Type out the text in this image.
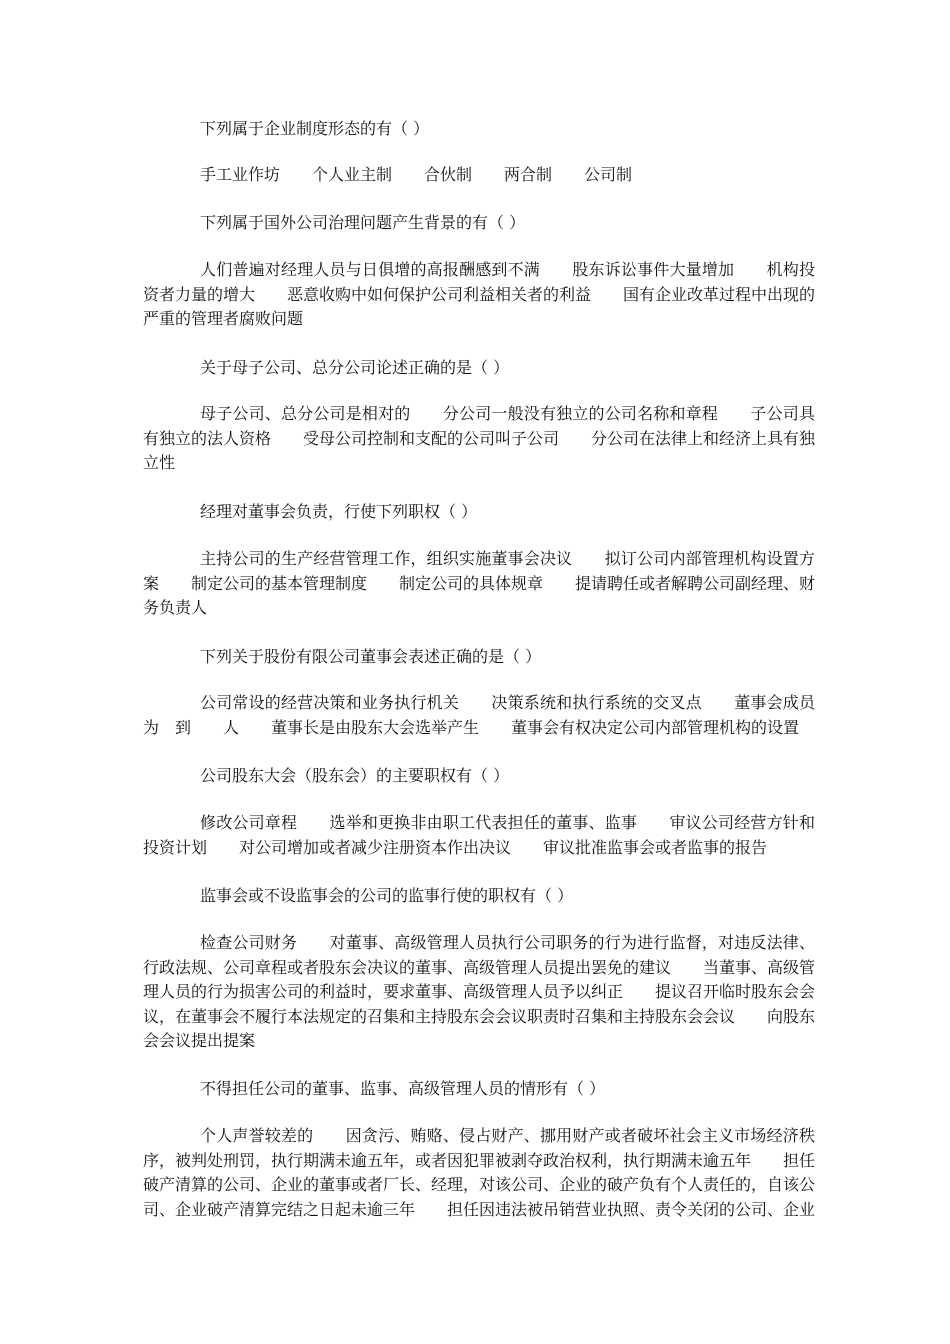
下列属于企业制度形态的有（ ）
手工业作坊　　个人业主制　　合伙制　　两合制　　公司制
下列属于国外公司治理问题产生背景的有（ ）
人们普遍对经理人员与日俱增的高报酬感到不满　　股东诉讼事件大量增加　　机构投资者力量的增大　　恶意收购中如何保护公司利益相关者的利益　　国有企业改革过程中出现的严重的管理者腐败问题
关于母子公司、总分公司论述正确的是（ ）
母子公司、总分公司是相对的　　分公司一般没有独立的公司名称和章程　　子公司具有独立的法人资格　　受母公司控制和支配的公司叫子公司　　分公司在法律上和经济上具有独立性
经理对董事会负责，行使下列职权（ ）
主持公司的生产经营管理工作，组织实施董事会决议　　拟订公司内部管理机构设置方案　　制定公司的基本管理制度　　制定公司的具体规章　　提请聘任或者解聘公司副经理、财务负责人
下列关于股份有限公司董事会表述正确的是（ ）
公司常设的经营决策和业务执行机关　　决策系统和执行系统的交叉点　　董事会成员为　到　　人　　董事长是由股东大会选举产生　　董事会有权决定公司内部管理机构的设置
公司股东大会（股东会）的主要职权有（ ）
修改公司章程　　选举和更换非由职工代表担任的董事、监事　　审议公司经营方针和投资计划　　对公司增加或者减少注册资本作出决议　　审议批准监事会或者监事的报告
监事会或不设监事会的公司的监事行使的职权有（ ）
检查公司财务　　对董事、高级管理人员执行公司职务的行为进行监督，对违反法律、行政法规、公司章程或者股东会决议的董事、高级管理人员提出罢免的建议　　当董事、高级管理人员的行为损害公司的利益时，要求董事、高级管理人员予以纠正　　提议召开临时股东会会议，在董事会不履行本法规定的召集和主持股东会会议职责时召集和主持股东会会议　　向股东会会议提出提案
不得担任公司的董事、监事、高级管理人员的情形有（ ）
个人声誉较差的　　因贪污、贿赂、侵占财产、挪用财产或者破坏社会主义市场经济秩序，被判处刑罚，执行期满未逾五年，或者因犯罪被剥夺政治权利，执行期满未逾五年　　担任破产清算的公司、企业的董事或者厂长、经理，对该公司、企业的破产负有个人责任的，自该公司、企业破产清算完结之日起未逾三年　　担任因违法被吊销营业执照、责令关闭的公司、企业
